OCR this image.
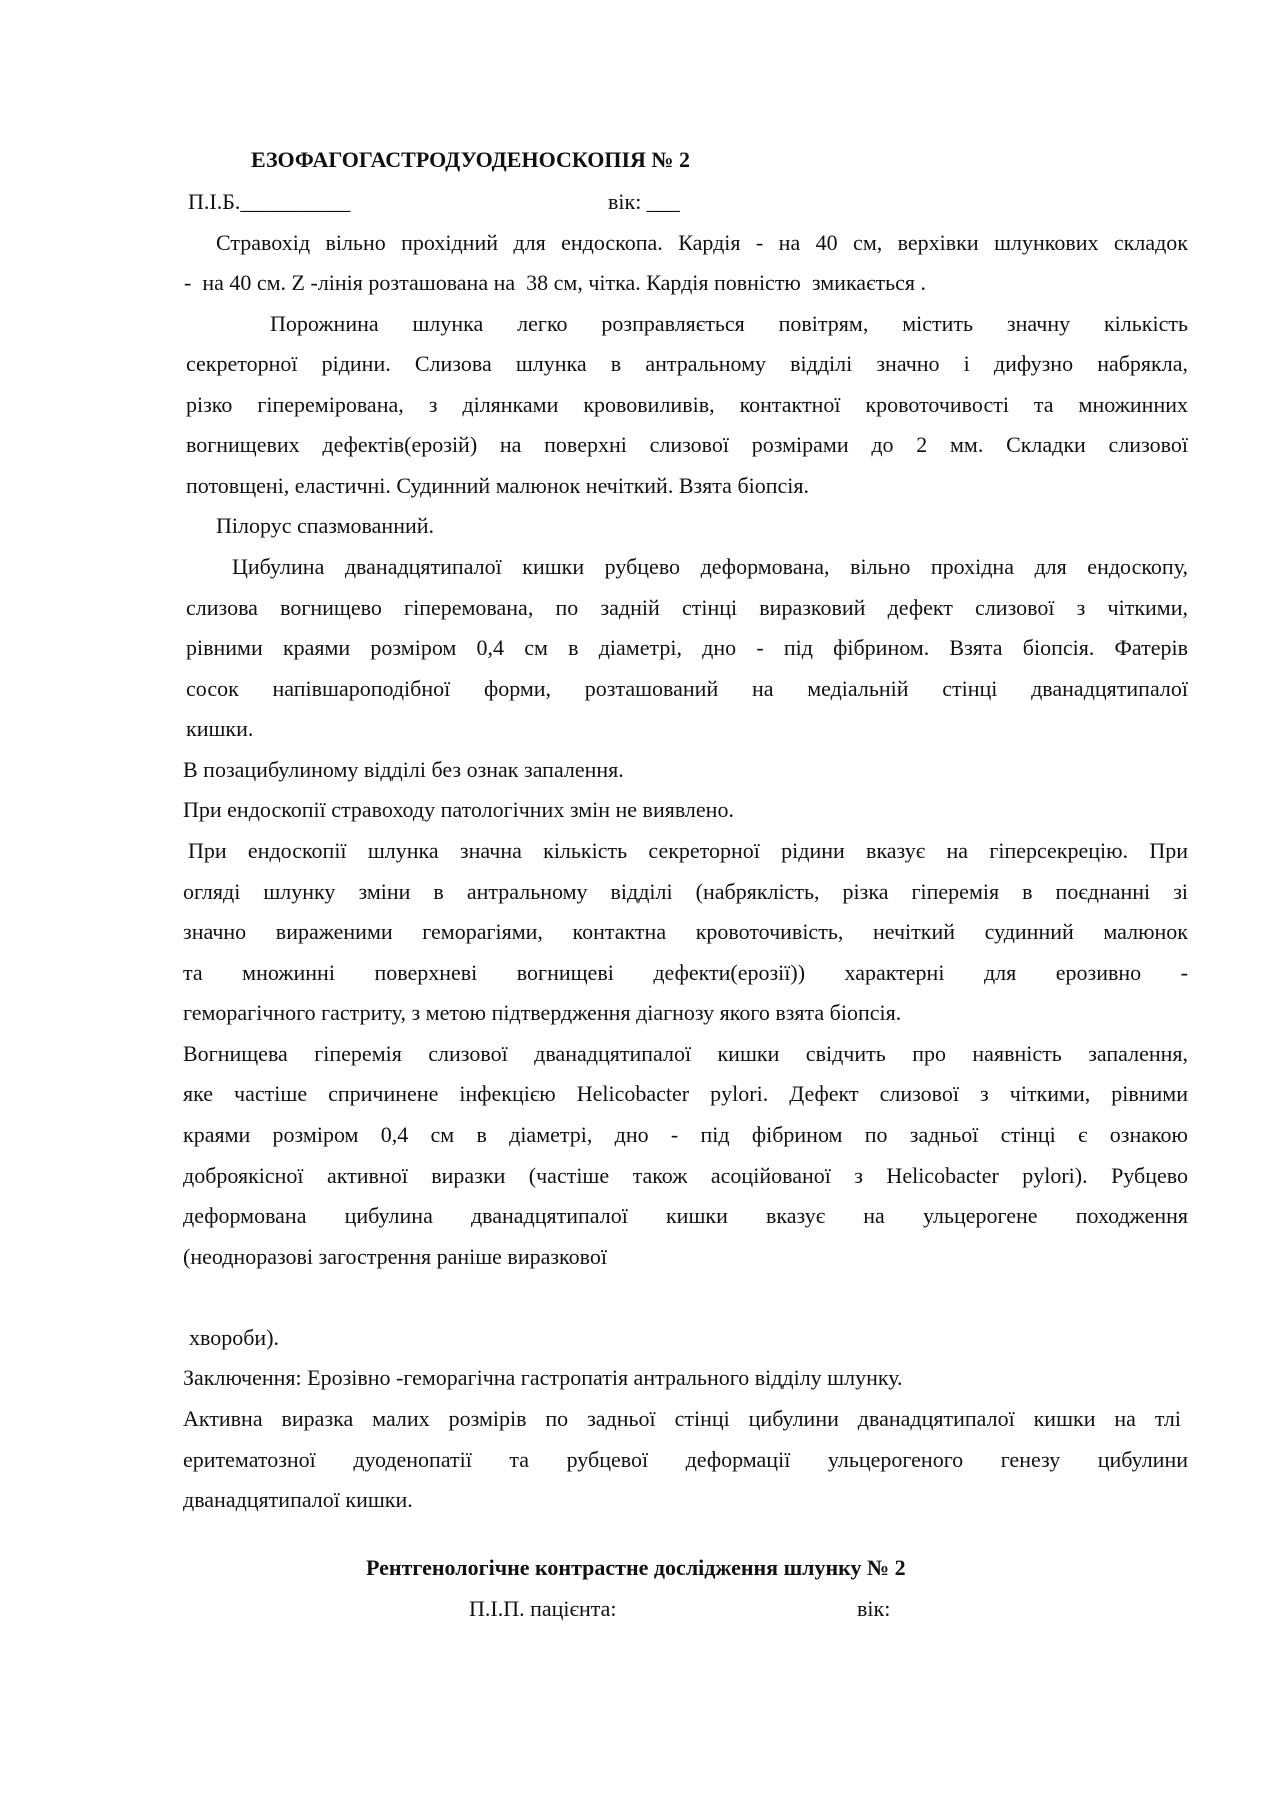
ЕЗОФАГОГАСТРОДУОДЕНОСКОПІЯ № 2
П.І.Б.__________	вік: ___
Стравохід вільно прохідний для ендоскопа. Кардія - на 40 см, верхівки шлункових складок
-  на 40 см. Z -лінія розташована на  38 см, чітка. Кардія повністю  змикається .
Порожнина шлунка легко розправляється повітрям, містить значну кількість
секреторної рідини. Слизова шлунка в антральному відділі значно і дифузно набрякла,
різко гіперемірована, з ділянками крововиливів, контактної кровоточивості та множинних
вогнищевих дефектів(ерозій) на поверхні слизової розмірами до 2 мм. Складки слизової
потовщені, еластичні. Судинний малюнок нечіткий. Взята біопсія.
Пілорус спазмованний.
Цибулина дванадцятипалої кишки рубцево деформована, вільно прохідна для ендоскопу,
слизова вогнищево гіперемована, по задній стінці виразковий дефект слизової з чіткими,
рівними краями розміром 0,4 см в діаметрі, дно - під фібрином. Взята біопсія. Фатерів
сосок напівшароподібної форми, розташований на медіальній стінці дванадцятипалої
кишки.
В позацибулиному відділі без ознак запалення.
При ендоскопії стравоходу патологічних змін не виявлено.
При ендоскопії шлунка значна кількість секреторної рідини вказує на гіперсекрецію. При
огляді шлунку зміни в антральному відділі (набряклість, різка гіперемія в поєднанні зі
значно вираженими геморагіями, контактна кровоточивість, нечіткий судинний малюнок
та множинні поверхневі вогнищеві дефекти(ерозії)) характерні для ерозивно -
геморагічного гастриту, з метою підтвердження діагнозу якого взята біопсія.
Вогнищева гіперемія слизової дванадцятипалої кишки свідчить про наявність запалення,
яке частіше спричинене інфекцією Helicobacter pylori. Дефект слизової з чіткими, рівними
краями розміром 0,4 см в діаметрі, дно - під фібрином по задньої стінці є ознакою
доброякісної активної виразки (частіше також асоційованої з Helicobacter pylori). Рубцево
деформована цибулина дванадцятипалої кишки вказує на ульцерогене походження
(неодноразові загострення раніше виразкової
хвороби).
Заключення: Ерозівно -геморагічна гастропатія антрального відділу шлунку.
Активна виразка малих розмірів по задньої стінці цибулини дванадцятипалої кишки на тлі
еритематозної дуоденопатії та рубцевої деформації ульцерогеного генезу цибулини
дванадцятипалої кишки.
Рентгенологічне контрастне дослідження шлунку № 2
П.І.П. пацієнта:	вік:
